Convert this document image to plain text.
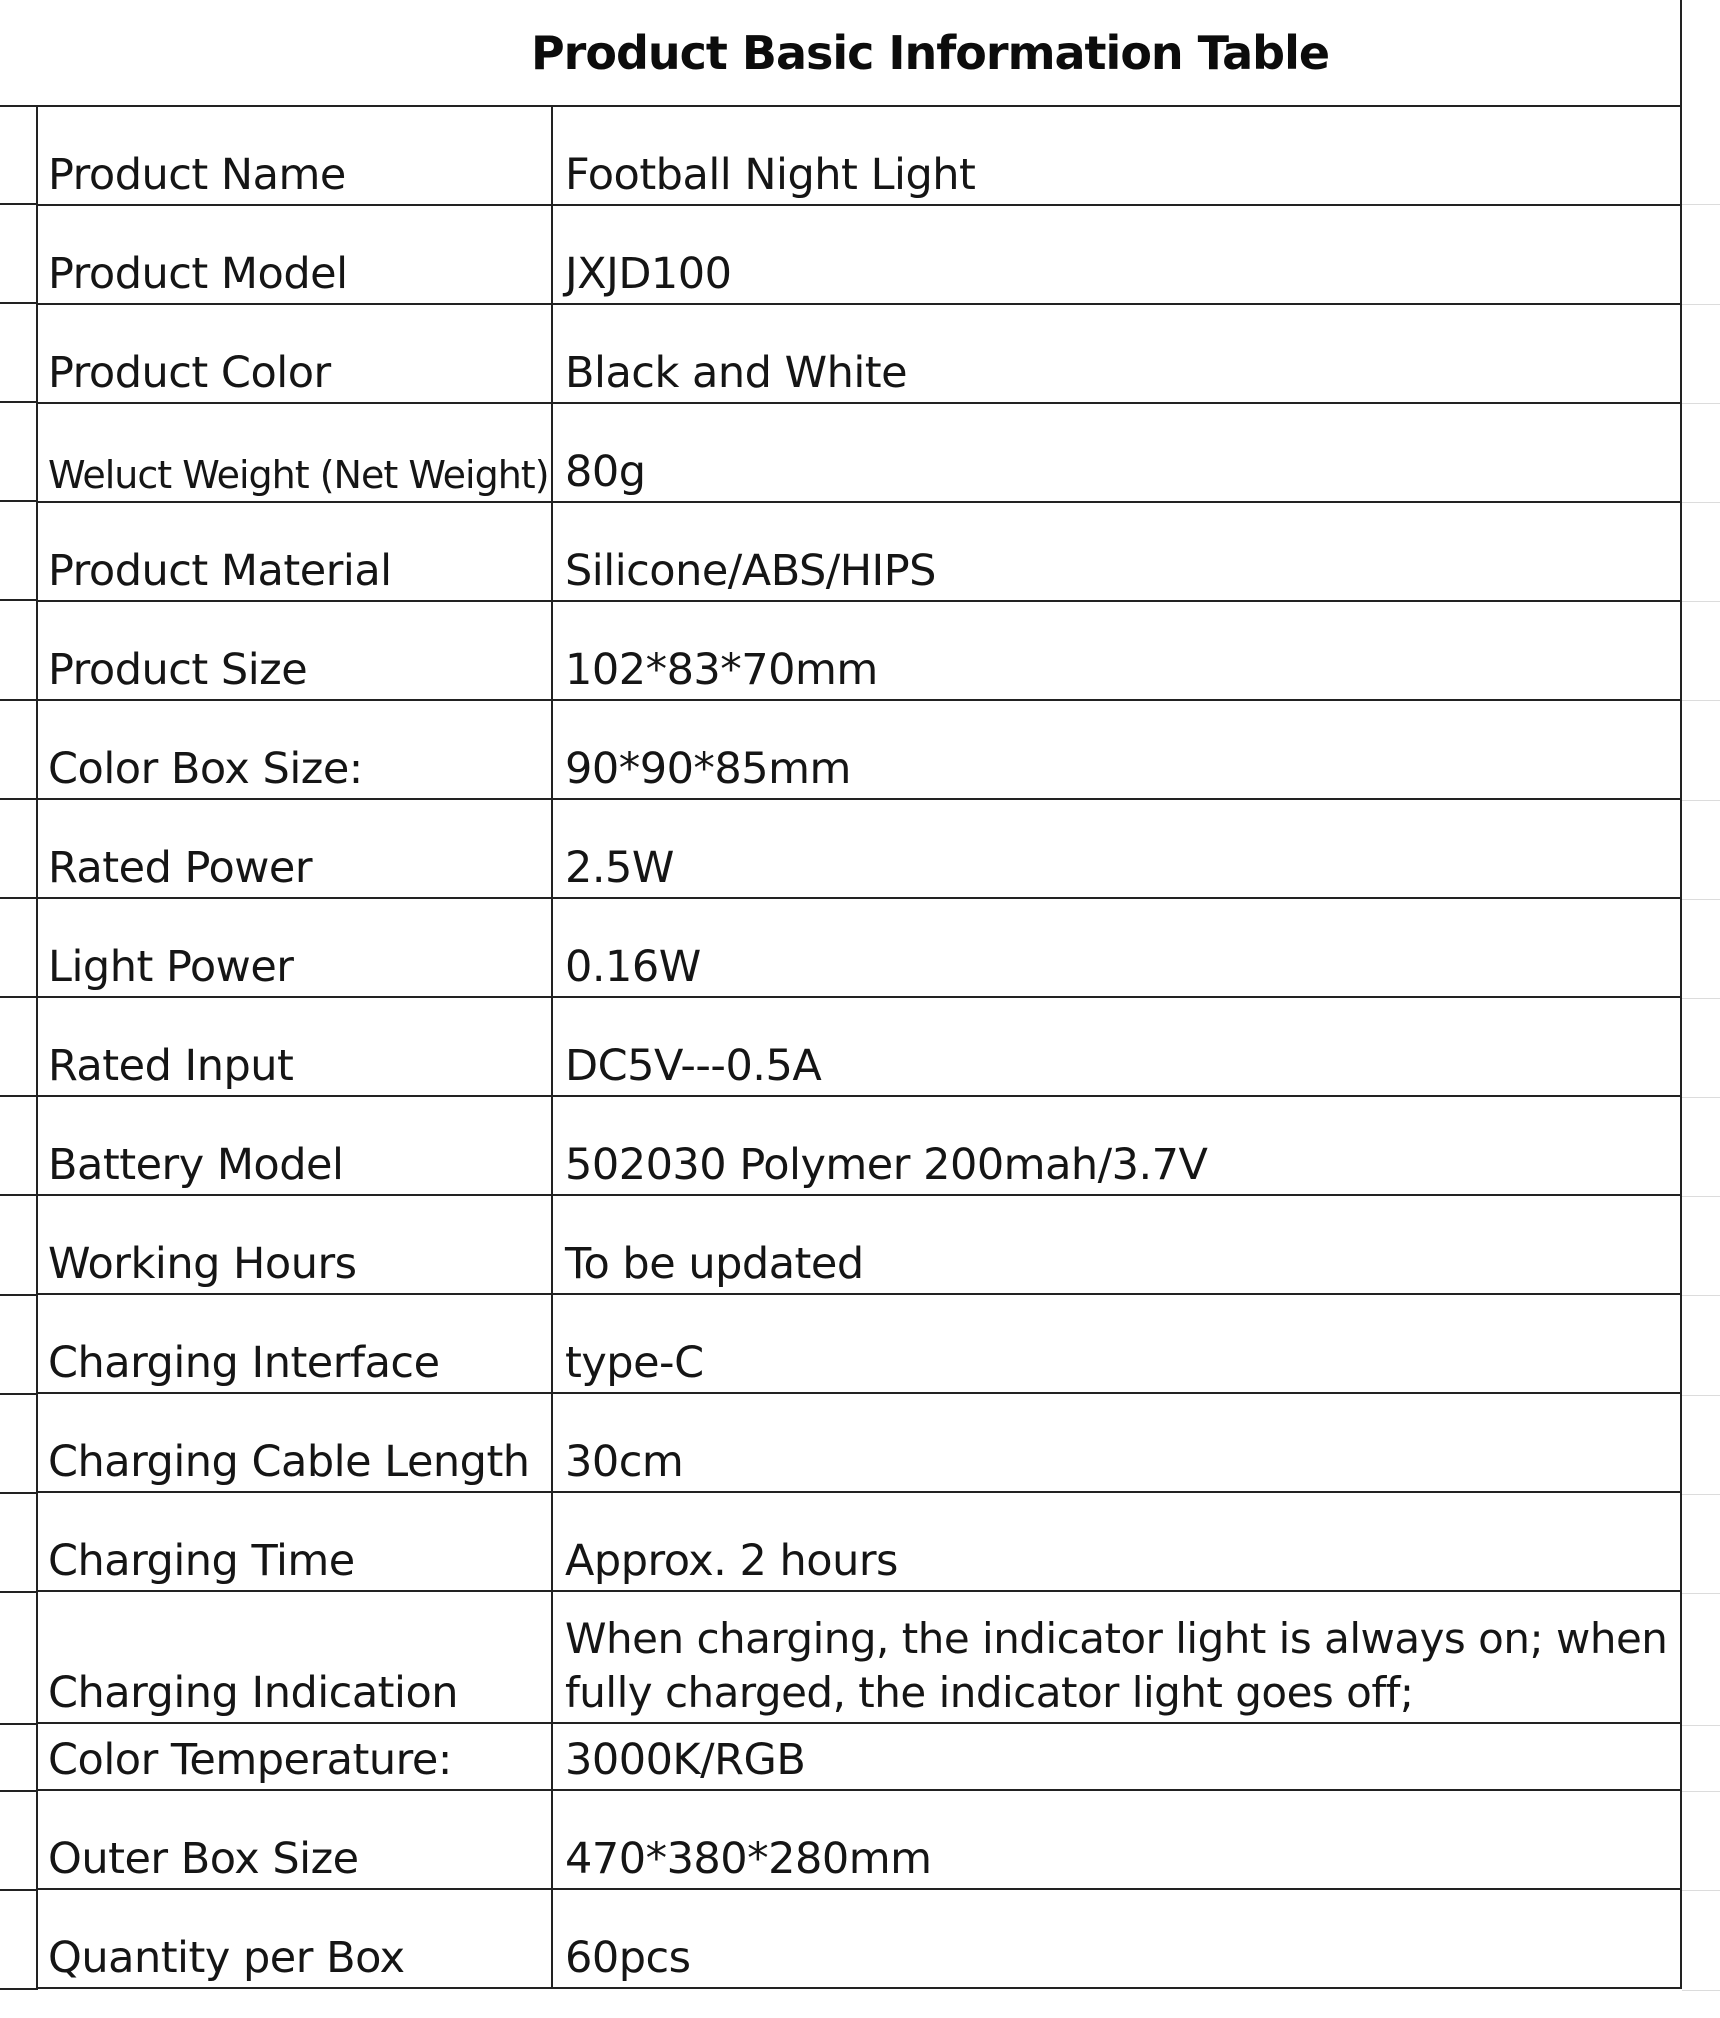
Product Basic Information Table
Product Name	Football Night Light
Product Model	JXJD100
Product Color	Black and White
Weluct Weight (Net Weight)	80g
Product Material	Silicone/ABS/HIPS
Product Size	102*83*70mm
Color Box Size:	90*90*85mm
Rated Power	2.5W
Light Power	0.16W
Rated Input	DC5V---0.5A
Battery Model	502030 Polymer 200mah/3.7V
Working Hours	To be updated
Charging Interface	type-C
Charging Cable Length	30cm
Charging Time	Approx. 2 hours
Charging Indication	When charging, the indicator light is always on; when fully charged, the indicator light goes off;
Color Temperature:	3000K/RGB
Outer Box Size	470*380*280mm
Quantity per Box	60pcs
